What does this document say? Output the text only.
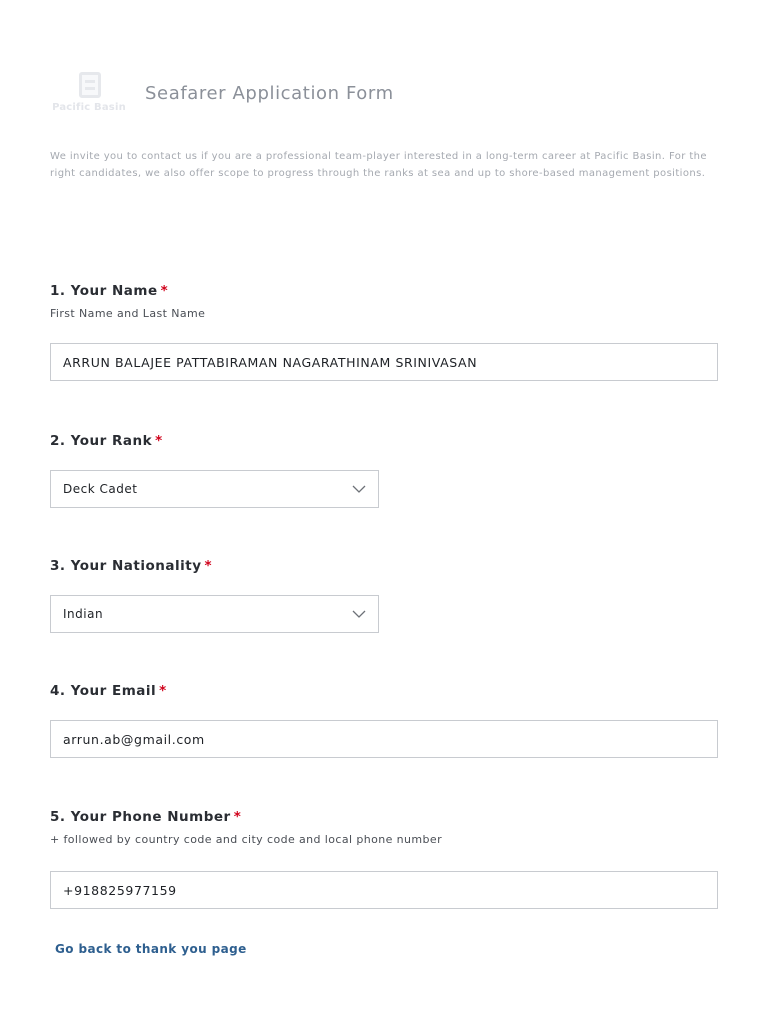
Pacific Basin
Seafarer Application Form
We invite you to contact us if you are a professional team-player interested in a long-term career at Pacific Basin. For the right candidates, we also offer scope to progress through the ranks at sea and up to shore-based management positions.
1. Your Name *
First Name and Last Name
ARRUN BALAJEE PATTABIRAMAN NAGARATHINAM SRINIVASAN
2. Your Rank *
Deck Cadet
3. Your Nationality *
Indian
4. Your Email *
arrun.ab@gmail.com
5. Your Phone Number *
+ followed by country code and city code and local phone number
+918825977159
Go back to thank you page
